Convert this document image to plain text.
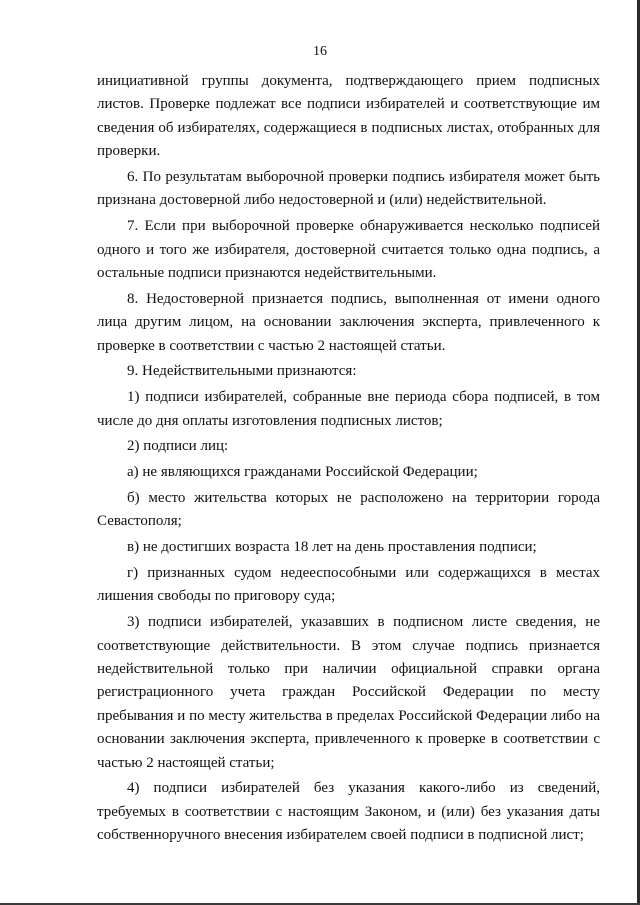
16

инициативной группы документа, подтверждающего прием подписных листов. Проверке подлежат все подписи избирателей и соответствующие им сведения об избирателях, содержащиеся в подписных листах, отобранных для проверки.

6. По результатам выборочной проверки подпись избирателя может быть признана достоверной либо недостоверной и (или) недействительной.

7. Если при выборочной проверке обнаруживается несколько подписей одного и того же избирателя, достоверной считается только одна подпись, а остальные подписи признаются недействительными.

8. Недостоверной признается подпись, выполненная от имени одного лица другим лицом, на основании заключения эксперта, привлеченного к проверке в соответствии с частью 2 настоящей статьи.

9. Недействительными признаются:

1) подписи избирателей, собранные вне периода сбора подписей, в том числе до дня оплаты изготовления подписных листов;

2) подписи лиц:

а) не являющихся гражданами Российской Федерации;

б) место жительства которых не расположено на территории города Севастополя;

в) не достигших возраста 18 лет на день проставления подписи;

г) признанных судом недееспособными или содержащихся в местах лишения свободы по приговору суда;

3) подписи избирателей, указавших в подписном листе сведения, не соответствующие действительности. В этом случае подпись признается недействительной только при наличии официальной справки органа регистрационного учета граждан Российской Федерации по месту пребывания и по месту жительства в пределах Российской Федерации либо на основании заключения эксперта, привлеченного к проверке в соответствии с частью 2 настоящей статьи;

4) подписи избирателей без указания какого-либо из сведений, требуемых в соответствии с настоящим Законом, и (или) без указания даты собственноручного внесения избирателем своей подписи в подписной лист;
